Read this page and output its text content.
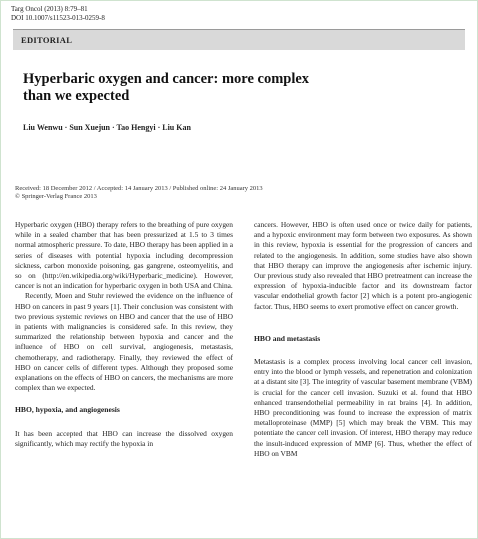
Targ Oncol (2013) 8:79–81
DOI 10.1007/s11523-013-0259-8
EDITORIAL
Hyperbaric oxygen and cancer: more complex
than we expected
Liu Wenwu · Sun Xuejun · Tao Hengyi · Liu Kan
Received: 18 December 2012 / Accepted: 14 January 2013 / Published online: 24 January 2013
© Springer-Verlag France 2013

Hyperbaric oxygen (HBO) therapy refers to the breathing of pure oxygen while in a sealed chamber that has been pressurized at 1.5 to 3 times normal atmospheric pressure. To date, HBO therapy has been applied in a series of diseases with potential hypoxia including decompression sickness, carbon monoxide poisoning, gas gangrene, osteomyelitis, and so on (http://en.wikipedia.org/wiki/Hyperbaric_medicine). However, cancer is not an indication for hyperbaric oxygen in both USA and China.

Recently, Moen and Stuhr reviewed the evidence on the influence of HBO on cancers in past 9 years [1]. Their conclusion was consistent with two previous systemic reviews on HBO and cancer that the use of HBO in patients with malignancies is considered safe. In this review, they summarized the relationship between hypoxia and cancer and the influence of HBO on cell survival, angiogenesis, metastasis, chemotherapy, and radiotherapy. Finally, they reviewed the effect of HBO on cancer cells of different types. Although they proposed some explanations on the effects of HBO on cancers, the mechanisms are more complex than we expected.

HBO, hypoxia, and angiogenesis

It has been accepted that HBO can increase the dissolved oxygen significantly, which may rectify the hypoxia in

cancers. However, HBO is often used once or twice daily for patients, and a hypoxic environment may form between two exposures. As shown in this review, hypoxia is essential for the progression of cancers and related to the angiogenesis. In addition, some studies have also shown that HBO therapy can improve the angiogenesis after ischemic injury. Our previous study also revealed that HBO pretreatment can increase the expression of hypoxia-inducible factor and its downstream factor vascular endothelial growth factor [2] which is a potent pro-angiogenic factor. Thus, HBO seems to exert promotive effect on cancer growth.

HBO and metastasis

Metastasis is a complex process involving local cancer cell invasion, entry into the blood or lymph vessels, and repenetration and colonization at a distant site [3]. The integrity of vascular basement membrane (VBM) is crucial for the cancer cell invasion. Suzuki et al. found that HBO enhanced transendothelial permeability in rat brains [4]. In addition, HBO preconditioning was found to increase the expression of matrix metalloproteinase (MMP) [5] which may break the VBM. This may potentiate the cancer cell invasion. Of interest, HBO therapy may reduce the insult-induced expression of MMP [6]. Thus, whether the effect of HBO on VBM
